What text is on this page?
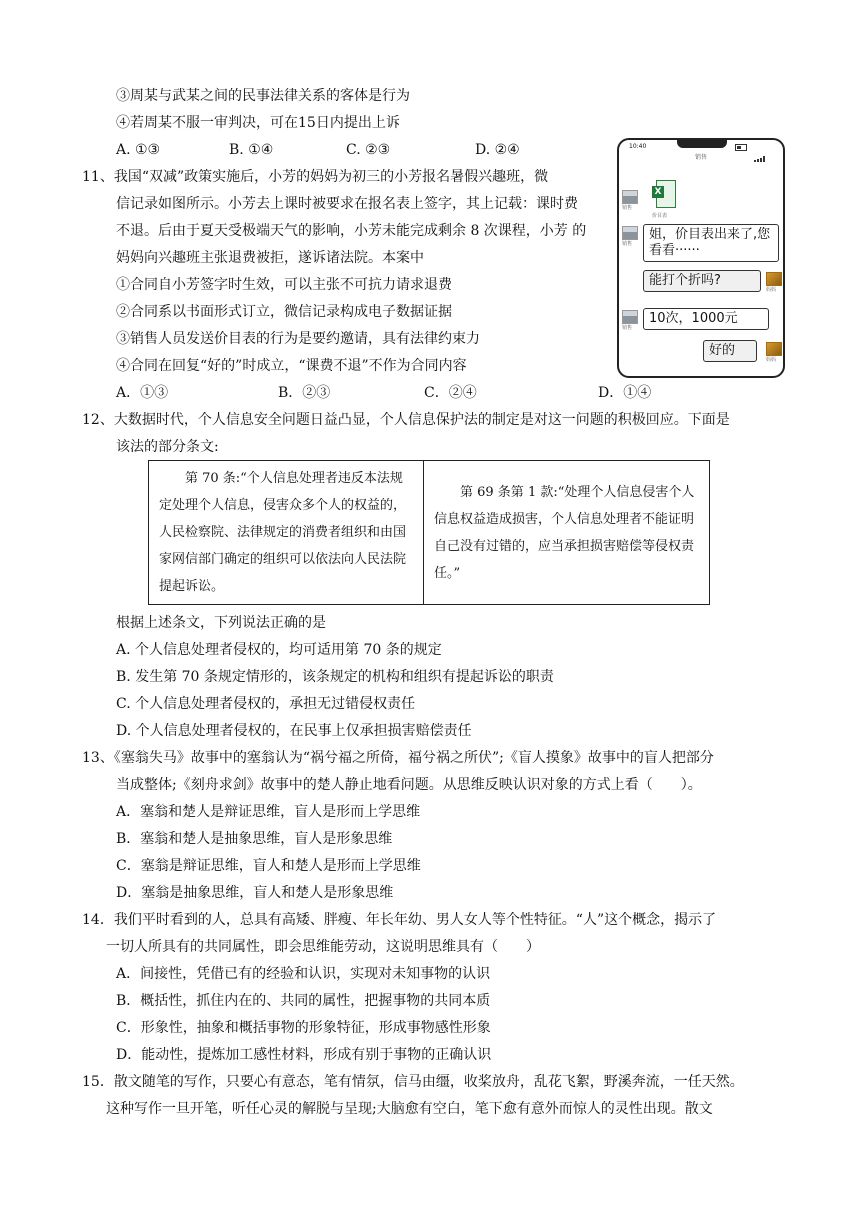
③周某与武某之间的民事法律关系的客体是行为
④若周某不服一审判决，可在15日内提出上诉
A. ①③	B. ①④	C. ②③	D. ②④
11、我国“双减”政策实施后，小芳的妈妈为初三的小芳报名暑假兴趣班，微
信记录如图所示。小芳去上课时被要求在报名表上签字，其上记载：课时费
不退。后由于夏天受极端天气的影响，小芳未能完成剩余 8 次课程，小芳 的
妈妈向兴趣班主张退费被拒，遂诉诸法院。本案中
①合同自小芳签字时生效，可以主张不可抗力请求退费
②合同系以书面形式订立，微信记录构成电子数据证据
③销售人员发送价目表的行为是要约邀请，具有法律约束力
④合同在回复“好的”时成立，“课费不退”不作为合同内容
A．①③	B．②③	C．②④	D．①④
10:40
销售
销售
X
价目表
销售
姐，价目表出来了,您看看······
能打个折吗?
妈妈
销售
10次，1000元
好的
妈妈
12、大数据时代，个人信息安全问题日益凸显，个人信息保护法的制定是对这一问题的积极回应。下面是
该法的部分条文:
第 70 条:“个人信息处理者违反本法规定处理个人信息，侵害众多个人的权益的，人民检察院、法律规定的消费者组织和由国家网信部门确定的组织可以依法向人民法院提起诉讼。
第 69 条第 1 款:“处理个人信息侵害个人信息权益造成损害，个人信息处理者不能证明自己没有过错的，应当承担损害赔偿等侵权责任。”
根据上述条文，下列说法正确的是
A. 个人信息处理者侵权的，均可适用第 70 条的规定
B. 发生第 70 条规定情形的，该条规定的机构和组织有提起诉讼的职责
C. 个人信息处理者侵权的，承担无过错侵权责任
D. 个人信息处理者侵权的，在民事上仅承担损害赔偿责任
13、《塞翁失马》故事中的塞翁认为“祸兮福之所倚，福兮祸之所伏”;《盲人摸象》故事中的盲人把部分
当成整体;《刻舟求剑》故事中的楚人静止地看问题。从思维反映认识对象的方式上看（　　）。
A．塞翁和楚人是辩证思维，盲人是形而上学思维
B．塞翁和楚人是抽象思维，盲人是形象思维
C．塞翁是辩证思维，盲人和楚人是形而上学思维
D．塞翁是抽象思维，盲人和楚人是形象思维
14．我们平时看到的人，总具有高矮、胖瘦、年长年幼、男人女人等个性特征。“人”这个概念，揭示了
一切人所具有的共同属性，即会思维能劳动，这说明思维具有（　　）
A．间接性，凭借已有的经验和认识，实现对未知事物的认识
B．概括性，抓住内在的、共同的属性，把握事物的共同本质
C．形象性，抽象和概括事物的形象特征，形成事物感性形象
D．能动性，提炼加工感性材料，形成有别于事物的正确认识
15．散文随笔的写作，只要心有意态，笔有情氛，信马由缰，收桨放舟，乱花飞絮，野溪奔流，一任天然。
这种写作一旦开笔，听任心灵的解脱与呈现;大脑愈有空白，笔下愈有意外而惊人的灵性出现。散文
